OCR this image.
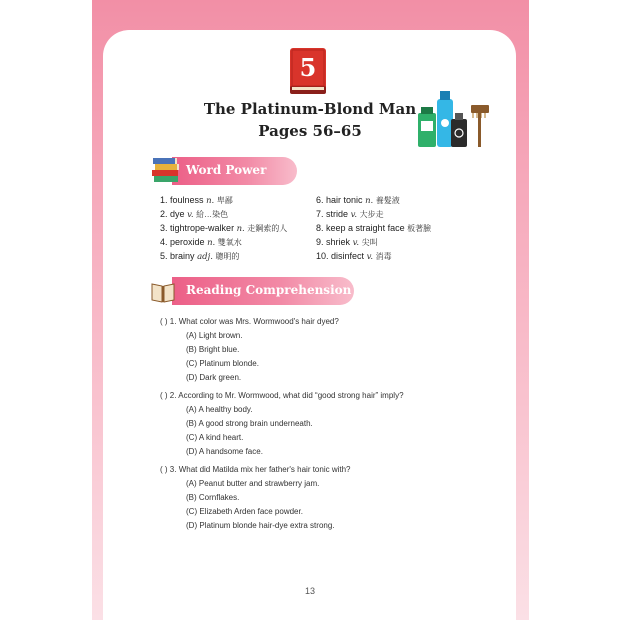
5
The Platinum-Blond Man
Pages 56–65
Word Power
1. foulness n. 卑鄙
2. dye v. 給…染色
3. tightrope-walker n. 走鋼索的人
4. peroxide n. 雙氧水
5. brainy adj. 聰明的
6. hair tonic n. 養髮液
7. stride v. 大步走
8. keep a straight face 板著臉
9. shriek v. 尖叫
10. disinfect v. 消毒
Reading Comprehension
( ) 1. What color was Mrs. Wormwood's hair dyed?
(A) Light brown.
(B) Bright blue.
(C) Platinum blonde.
(D) Dark green.
( ) 2. According to Mr. Wormwood, what did “good strong hair” imply?
(A) A healthy body.
(B) A good strong brain underneath.
(C) A kind heart.
(D) A handsome face.
( ) 3. What did Matilda mix her father's hair tonic with?
(A) Peanut butter and strawberry jam.
(B) Cornflakes.
(C) Elizabeth Arden face powder.
(D) Platinum blonde hair-dye extra strong.
13
